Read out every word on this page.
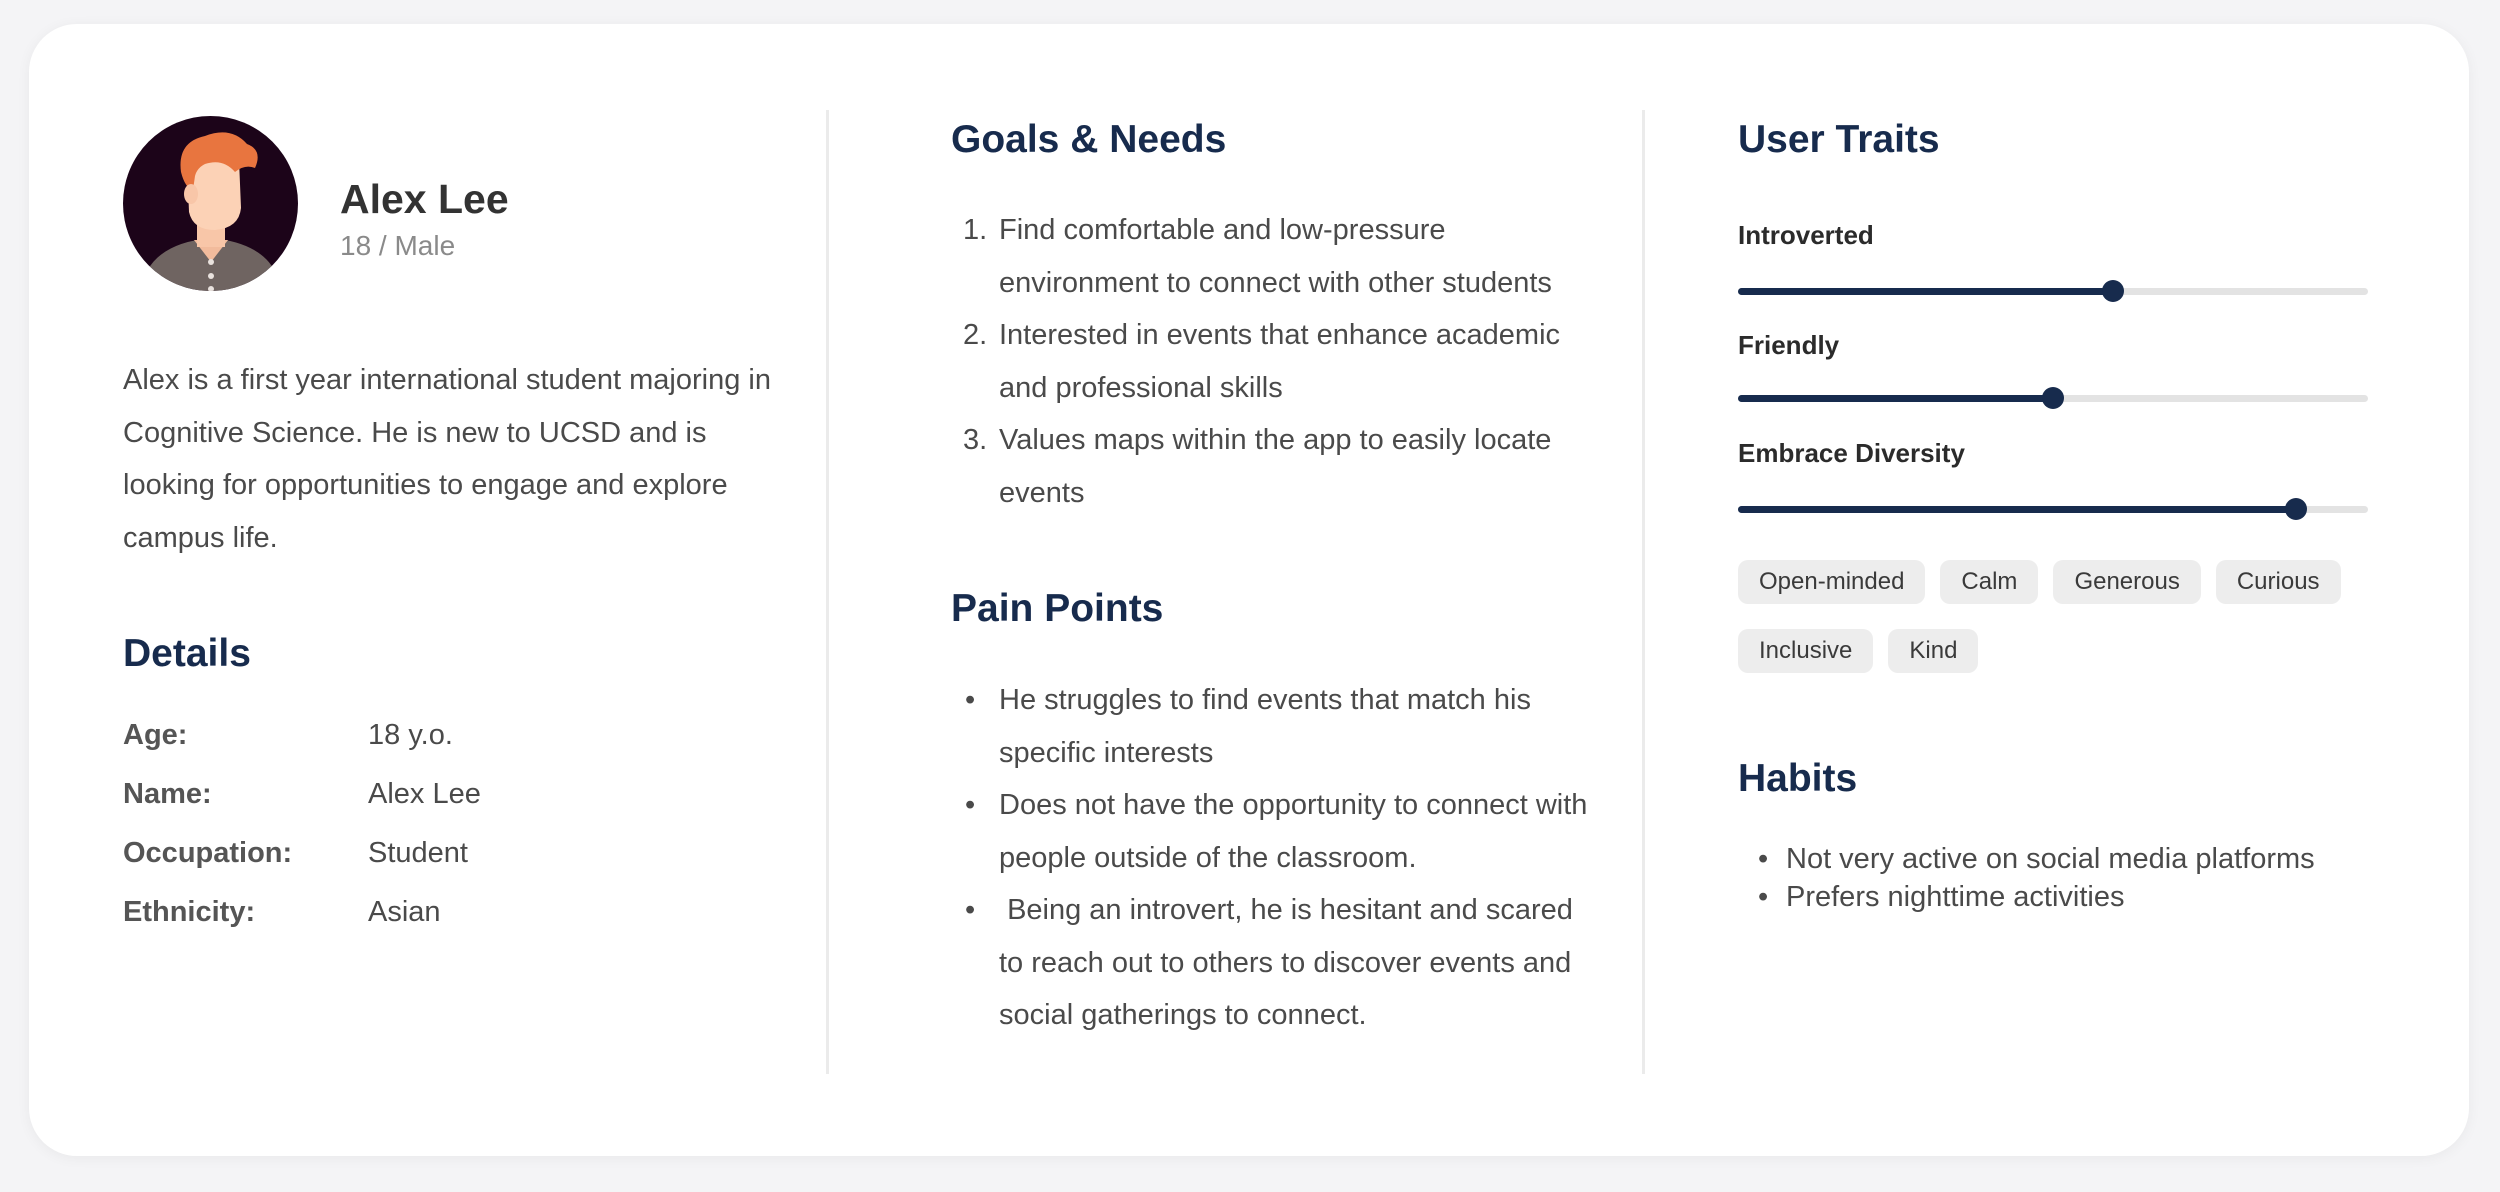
Alex Lee
18 / Male

Alex is a first year international student majoring in Cognitive Science. He is new to UCSD and is looking for opportunities to engage and explore campus life.

Details
Age:	18 y.o.
Name:	Alex Lee
Occupation:	Student
Ethnicity:	Asian
Goals & Needs
1. Find comfortable and low-pressure environment to connect with other students
2. Interested in events that enhance academic and professional skills
3. Values maps within the app to easily locate events
Pain Points
• He struggles to find events that match his specific interests
• Does not have the opportunity to connect with people outside of the classroom.
• Being an introvert, he is hesitant and scared to reach out to others to discover events and social gatherings to connect.
User Traits
Introverted
Friendly
Embrace Diversity
Open-minded	Calm	Generous	Curious
Inclusive	Kind
Habits
• Not very active on social media platforms
• Prefers nighttime activities
